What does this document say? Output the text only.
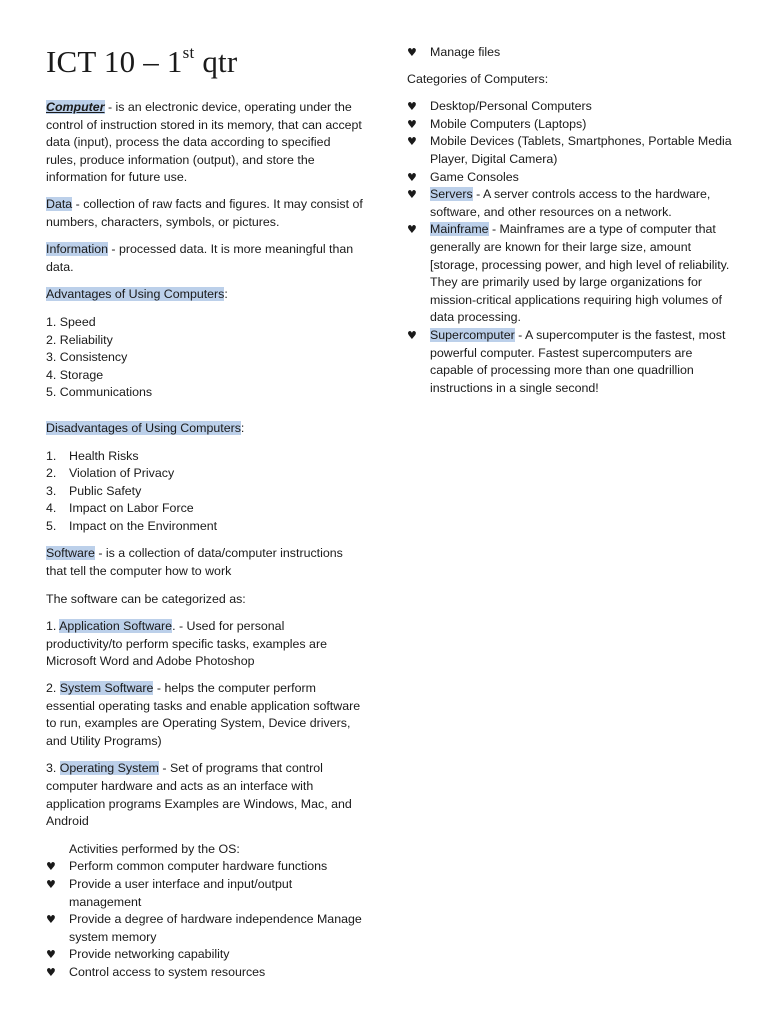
ICT 10 – 1st qtr

Computer - is an electronic device, operating under the control of instruction stored in its memory, that can accept data (input), process the data according to specified rules, produce information (output), and store the information for future use.

Data - collection of raw facts and figures. It may consist of numbers, characters, symbols, or pictures.

Information - processed data. It is more meaningful than data.

Advantages of Using Computers:

1. Speed
2. Reliability
3. Consistency
4. Storage
5. Communications

Disadvantages of Using Computers:

1. Health Risks
2. Violation of Privacy
3. Public Safety
4. Impact on Labor Force
5. Impact on the Environment

Software - is a collection of data/computer instructions that tell the computer how to work

The software can be categorized as:

1. Application Software. - Used for personal productivity/to perform specific tasks, examples are Microsoft Word and Adobe Photoshop

2. System Software - helps the computer perform essential operating tasks and enable application software to run, examples are Operating System, Device drivers, and Utility Programs)

3. Operating System - Set of programs that control computer hardware and acts as an interface with application programs Examples are Windows, Mac, and Android

Activities performed by the OS:

♥ Perform common computer hardware functions
♥ Provide a user interface and input/output management
♥ Provide a degree of hardware independence Manage system memory
♥ Provide networking capability
♥ Control access to system resources
♥ Manage files

Categories of Computers:

♥ Desktop/Personal Computers
♥ Mobile Computers (Laptops)
♥ Mobile Devices (Tablets, Smartphones, Portable Media Player, Digital Camera)
♥ Game Consoles
♥ Servers - A server controls access to the hardware, software, and other resources on a network.
♥ Mainframe - Mainframes are a type of computer that generally are known for their large size, amount [storage, processing power, and high level of reliability. They are primarily used by large organizations for mission-critical applications requiring high volumes of data processing.
♥ Supercomputer - A supercomputer is the fastest, most powerful computer. Fastest supercomputers are capable of processing more than one quadrillion instructions in a single second!
